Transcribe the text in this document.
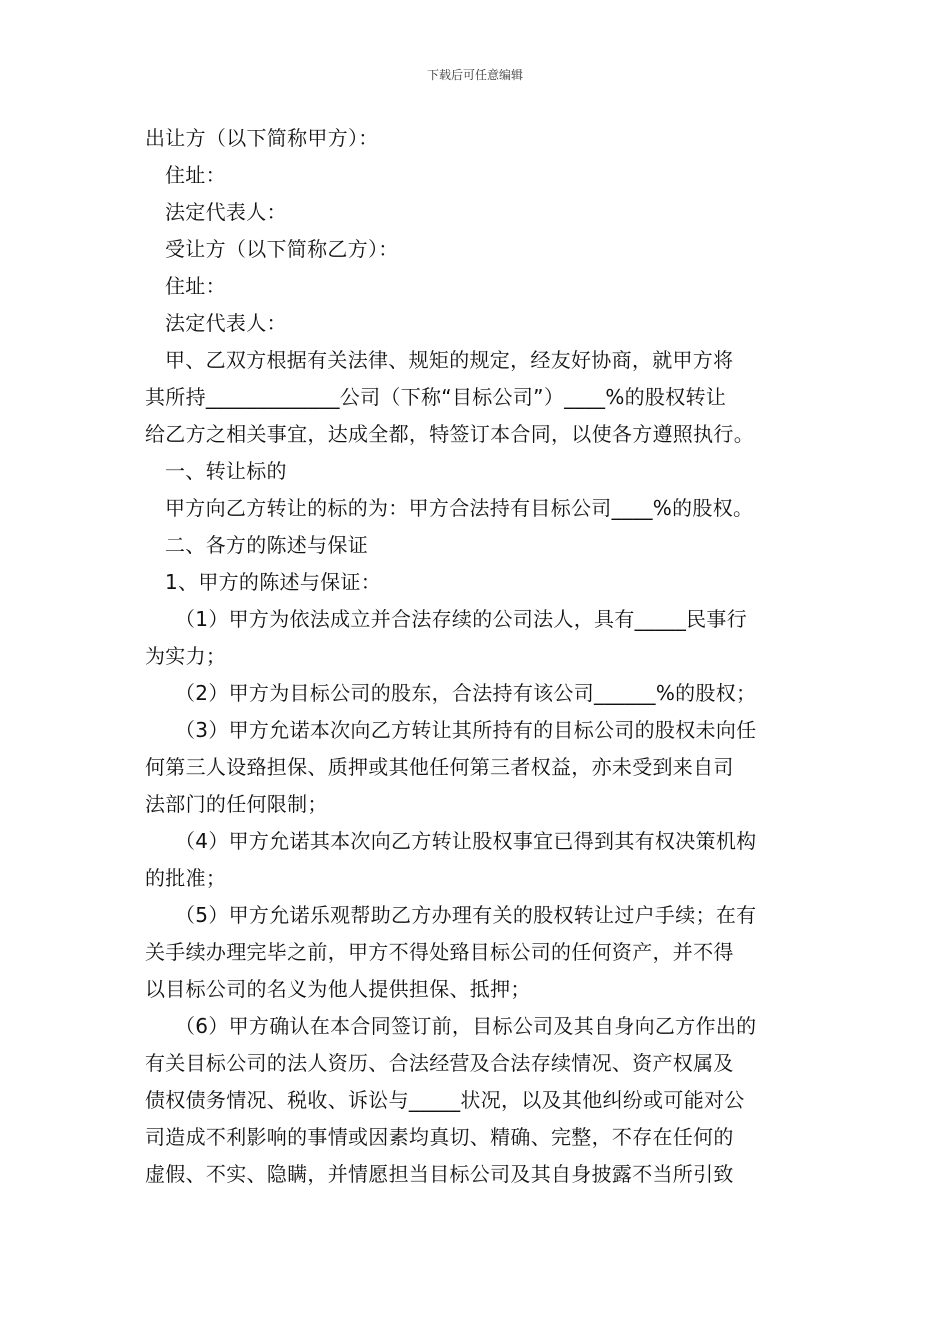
下载后可任意编辑
出让方（以下简称甲方）：
住址：
法定代表人：
受让方（以下简称乙方）：
住址：
法定代表人：
甲、乙双方根据有关法律、规矩的规定，经友好协商，就甲方将
其所持_____________公司（下称“目标公司”）____%的股权转让
给乙方之相关事宜，达成全都，特签订本合同，以使各方遵照执行。
一、转让标的
甲方向乙方转让的标的为：甲方合法持有目标公司____%的股权。
二、各方的陈述与保证
1、甲方的陈述与保证：
（1）甲方为依法成立并合法存续的公司法人，具有_____民事行
为实力；
（2）甲方为目标公司的股东，合法持有该公司______%的股权；
（3）甲方允诺本次向乙方转让其所持有的目标公司的股权未向任
何第三人设臵担保、质押或其他任何第三者权益，亦未受到来自司
法部门的任何限制；
（4）甲方允诺其本次向乙方转让股权事宜已得到其有权决策机构
的批准；
（5）甲方允诺乐观帮助乙方办理有关的股权转让过户手续；在有
关手续办理完毕之前，甲方不得处臵目标公司的任何资产，并不得
以目标公司的名义为他人提供担保、抵押；
（6）甲方确认在本合同签订前，目标公司及其自身向乙方作出的
有关目标公司的法人资历、合法经营及合法存续情况、资产权属及
债权债务情况、税收、诉讼与_____状况，以及其他纠纷或可能对公
司造成不利影响的事情或因素均真切、精确、完整，不存在任何的
虚假、不实、隐瞒，并情愿担当目标公司及其自身披露不当所引致
